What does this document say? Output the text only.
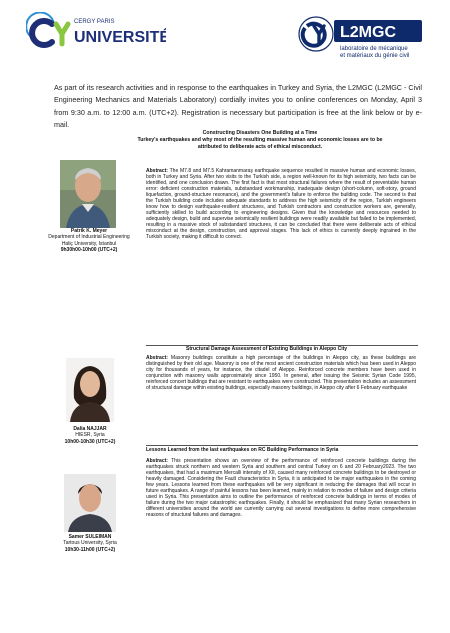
CERGY PARIS
UNIVERSITÉ	L2MGC
laboratoire de mécanique
et matériaux du génie civil
As part of its research activities and in response to the earthquakes in Turkey and Syria, the L2MGC (L2MGC - Civil Engineering Mechanics and Materials Laboratory) cordially invites you to online conferences on Monday, April 3 from 9:30 a.m. to 12:00 a.m. (UTC+2). Registration is necessary but participation is free at the link below or by e-mail.
Constructing Disasters One Building at a Time
Turkey's earthquakes and why most of the resulting massive human and economic losses are to be attributed to deliberate acts of ethical misconduct.
Patrik K. Meyer
Department of Industrial Engineering
Haliç University, Istanbul
9h30h00-10h00 (UTC+2)
Abstract: The M7.8 and M7.5 Kahramanmaraş earthquake sequence resulted in massive human and economic losses, both in Turkey and Syria. After two visits to the Turkish side, a region well-known for its high seismicity, two facts can be identified, and one conclusion drawn. The first fact is that most structural failures where the result of preventable human error: deficient construction materials, substandard workmanship, inadequate design (short-column, soft-story, ground liquefaction, ground-structure resonance), and the government's failure to enforce the building code. The second is that the Turkish building code includes adequate standards to address the high seismicity of the region, Turkish engineers know how to design earthquake-resilient structures, and Turkish contractors and construction workers are, generally, sufficiently skilled to build according to engineering designs. Given that the knowledge and resources needed to adequately design, build and supervise seismically resilient buildings were readily available but failed to be implemented, resulting in a massive stock of substandard structures, it can be concluded that there were deliberate acts of ethical misconduct at the design, construction, and approval stages. This lack of ethics is currently deeply ingrained in the Turkish society, making it difficult to correct.
Structural Damage Assessment of Existing Buildings in Aleppo City
Dalia NAJJAR
HIESR, Syria
10h00-10h30 (UTC+2)
Abstract: Masonry buildings constitute a high percentage of the buildings in Aleppo city, as these buildings are distinguished by their old age. Masonry is one of the most ancient construction materials which has been used in Aleppo city for thousands of years, for instance, the citadel of Aleppo. Reinforced concrete members have been used in conjunction with masonry walls approximately since 1950. In general, after issuing the Seismic Syrian Code 1995, reinforced concert buildings that are resistant to earthquakes were constructed. This presentation includes an assessment of structural damage within existing buildings, especially masonry buildings, in Aleppo city after 6 February earthquake
Lessons Learned from the last earthquakes on RC Building Performance in Syria
Samer SULEIMAN
Tartous University, Syria
10h30-11h00 (UTC+2)
Abstract: This presentation shows an overview of the performance of reinforced concrete buildings during the earthquakes struck northern and western Syria and southern and central Turkey on 6 and 20 February2023. The two earthquakes, that had a maximum Mercalli intensity of XII, caused many reinforced concrete buildings to be destroyed or heavily damaged. Considering the Fault characteristics in Syria, it is anticipated to be major earthquakes in the coming few years. Lessons learned from these earthquakes will be very significant in reducing the damages that will occur in future earthquakes. A range of painful lessons has been learned, mainly in relation to modes of failure and design criteria used in Syria. This presentation aims to outline the performance of reinforced concrete buildings in terms of modes of failure during the two major catastrophic earthquakes. Finally, it should be emphasized that many Syrian researchers in different universities around the world are currently carrying out several investigations to define more comprehensive reasons of structural failures and damages.
